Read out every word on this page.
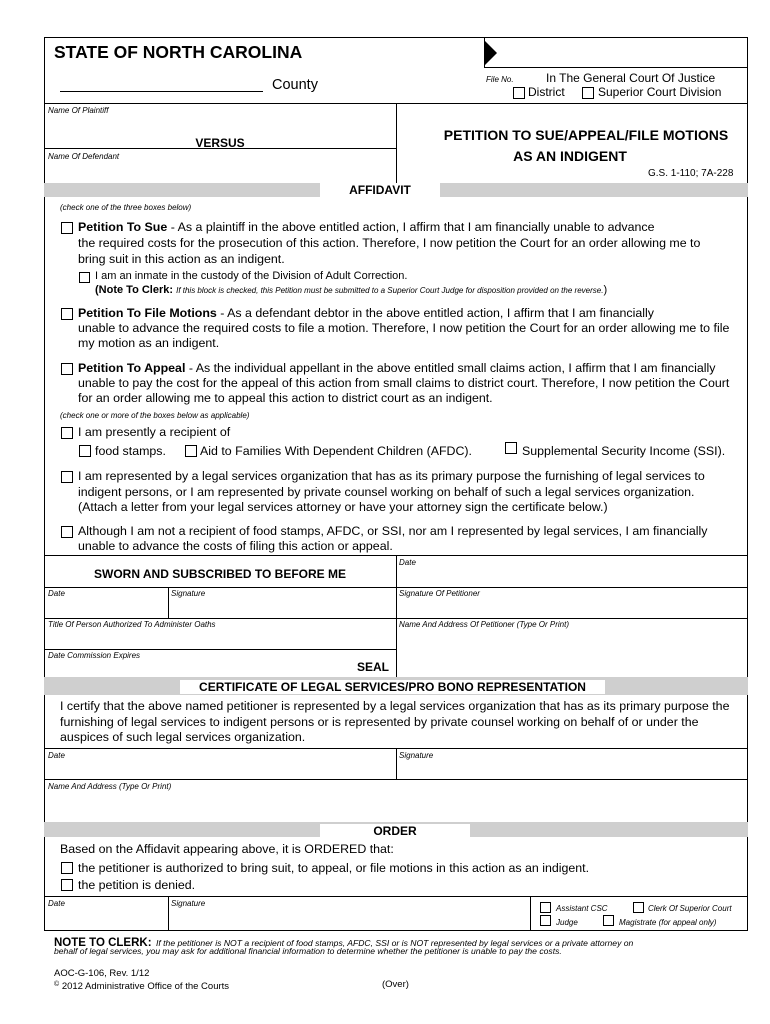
STATE OF NORTH CAROLINA
County	File No.	In The General Court Of Justice
District	Superior Court Division
Name Of Plaintiff
VERSUS
Name Of Defendant
PETITION TO SUE/APPEAL/FILE MOTIONS
AS AN INDIGENT
G.S. 1-110; 7A-228
AFFIDAVIT
(check one of the three boxes below)
Petition To Sue - As a plaintiff in the above entitled action, I affirm that I am financially unable to advance
the required costs for the prosecution of this action. Therefore, I now petition the Court for an order allowing me to
bring suit in this action as an indigent.
I am an inmate in the custody of the Division of Adult Correction.
(Note To Clerk: If this block is checked, this Petition must be submitted to a Superior Court Judge for disposition provided on the reverse.)
Petition To File Motions - As a defendant debtor in the above entitled action, I affirm that I am financially
unable to advance the required costs to file a motion. Therefore, I now petition the Court for an order allowing me to file
my motion as an indigent.
Petition To Appeal - As the individual appellant in the above entitled small claims action, I affirm that I am financially
unable to pay the cost for the appeal of this action from small claims to district court. Therefore, I now petition the Court
for an order allowing me to appeal this action to district court as an indigent.
(check one or more of the boxes below as applicable)
I am presently a recipient of
food stamps.	Aid to Families With Dependent Children (AFDC).	Supplemental Security Income (SSI).
I am represented by a legal services organization that has as its primary purpose the furnishing of legal services to
indigent persons, or I am represented by private counsel working on behalf of such a legal services organization.
(Attach a letter from your legal services attorney or have your attorney sign the certificate below.)
Although I am not a recipient of food stamps, AFDC, or SSI, nor am I represented by legal services, I am financially
unable to advance the costs of filing this action or appeal.
Date
SWORN AND SUBSCRIBED TO BEFORE ME
Date	Signature	Signature Of Petitioner
Title Of Person Authorized To Administer Oaths	Name And Address Of Petitioner (Type Or Print)
Date Commission Expires
SEAL
CERTIFICATE OF LEGAL SERVICES/PRO BONO REPRESENTATION
I certify that the above named petitioner is represented by a legal services organization that has as its primary purpose the
furnishing of legal services to indigent persons or is represented by private counsel working on behalf of or under the
auspices of such legal services organization.
Date	Signature
Name And Address (Type Or Print)
ORDER
Based on the Affidavit appearing above, it is ORDERED that:
the petitioner is authorized to bring suit, to appeal, or file motions in this action as an indigent.
the petition is denied.
Date	Signature
Assistant CSC	Clerk Of Superior Court
Judge	Magistrate (for appeal only)
NOTE TO CLERK: If the petitioner is NOT a recipient of food stamps, AFDC, SSI or is NOT represented by legal services or a private attorney on
behalf of legal services, you may ask for additional financial information to determine whether the petitioner is unable to pay the costs.
AOC-G-106, Rev. 1/12
© 2012 Administrative Office of the Courts	(Over)
